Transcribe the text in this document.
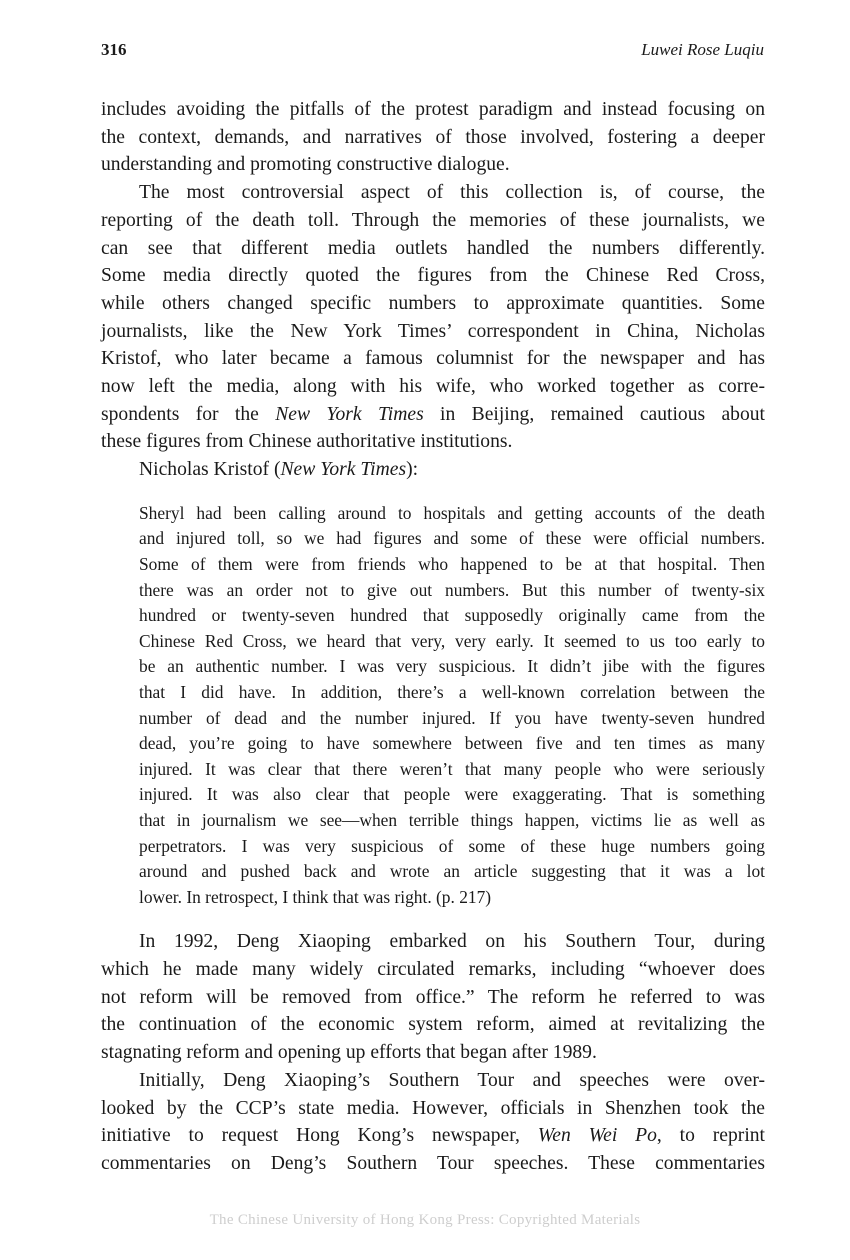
316	Luwei Rose Luqiu
includes avoiding the pitfalls of the protest paradigm and instead focusing on
the context, demands, and narratives of those involved, fostering a deeper
understanding and promoting constructive dialogue.
The most controversial aspect of this collection is, of course, the
reporting of the death toll. Through the memories of these journalists, we
can see that different media outlets handled the numbers differently.
Some media directly quoted the figures from the Chinese Red Cross,
while others changed specific numbers to approximate quantities. Some
journalists, like the New York Times’ correspondent in China, Nicholas
Kristof, who later became a famous columnist for the newspaper and has
now left the media, along with his wife, who worked together as corre-
spondents for the New York Times in Beijing, remained cautious about
these figures from Chinese authoritative institutions.
Nicholas Kristof (New York Times):
Sheryl had been calling around to hospitals and getting accounts of the death
and injured toll, so we had figures and some of these were official numbers.
Some of them were from friends who happened to be at that hospital. Then
there was an order not to give out numbers. But this number of twenty-six
hundred or twenty-seven hundred that supposedly originally came from the
Chinese Red Cross, we heard that very, very early. It seemed to us too early to
be an authentic number. I was very suspicious. It didn’t jibe with the figures
that I did have. In addition, there’s a well-known correlation between the
number of dead and the number injured. If you have twenty-seven hundred
dead, you’re going to have somewhere between five and ten times as many
injured. It was clear that there weren’t that many people who were seriously
injured. It was also clear that people were exaggerating. That is something
that in journalism we see—when terrible things happen, victims lie as well as
perpetrators. I was very suspicious of some of these huge numbers going
around and pushed back and wrote an article suggesting that it was a lot
lower. In retrospect, I think that was right. (p. 217)
In 1992, Deng Xiaoping embarked on his Southern Tour, during
which he made many widely circulated remarks, including “whoever does
not reform will be removed from office.” The reform he referred to was
the continuation of the economic system reform, aimed at revitalizing the
stagnating reform and opening up efforts that began after 1989.
Initially, Deng Xiaoping’s Southern Tour and speeches were over-
looked by the CCP’s state media. However, officials in Shenzhen took the
initiative to request Hong Kong’s newspaper, Wen Wei Po, to reprint
commentaries on Deng’s Southern Tour speeches. These commentaries
The Chinese University of Hong Kong Press: Copyrighted Materials
